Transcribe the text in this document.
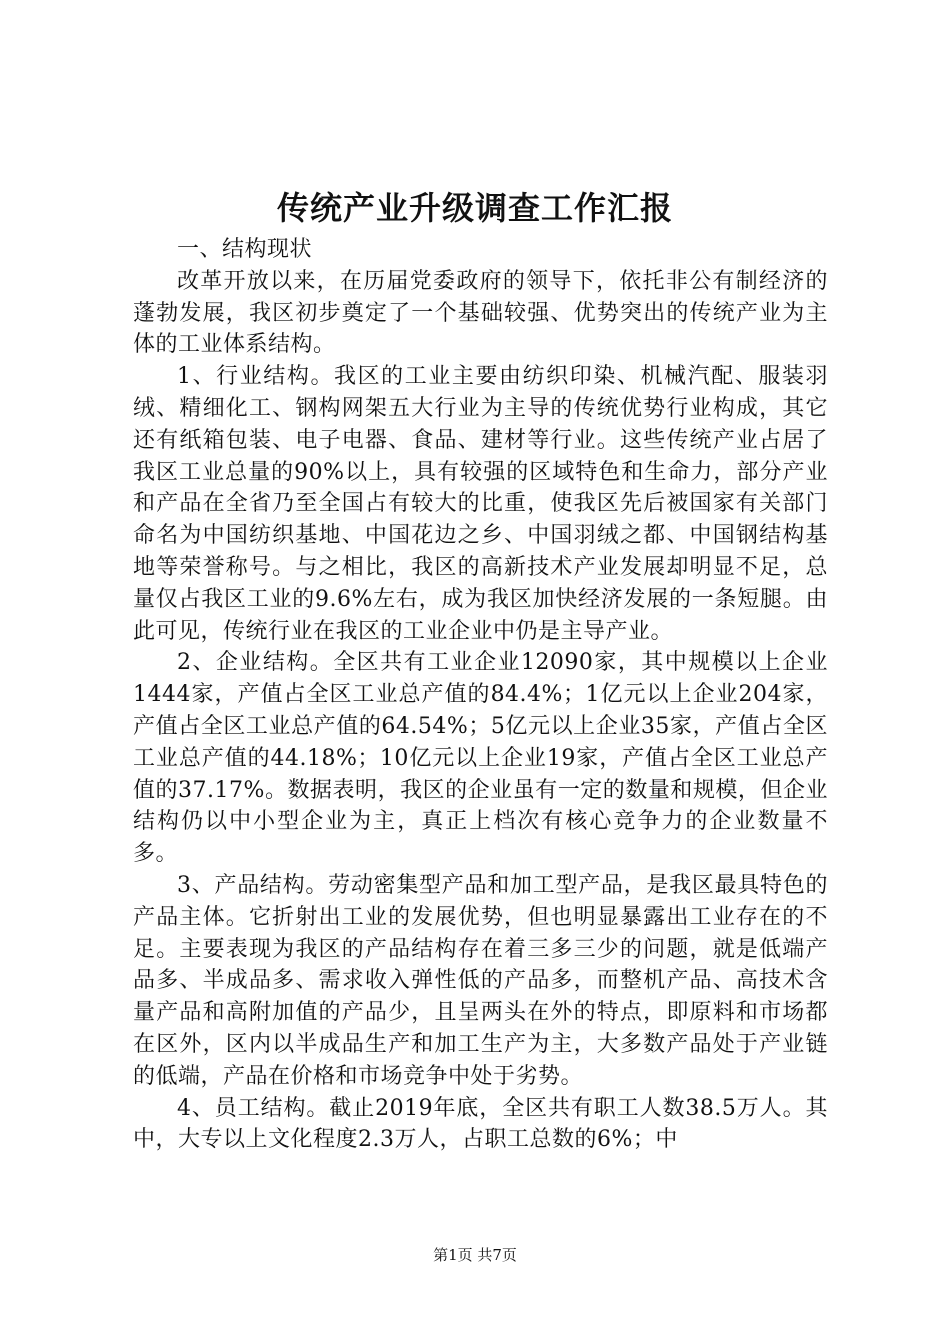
传统产业升级调查工作汇报

一、结构现状

改革开放以来，在历届党委政府的领导下，依托非公有制经济的蓬勃发展，我区初步奠定了一个基础较强、优势突出的传统产业为主体的工业体系结构。

1、行业结构。我区的工业主要由纺织印染、机械汽配、服装羽绒、精细化工、钢构网架五大行业为主导的传统优势行业构成，其它还有纸箱包装、电子电器、食品、建材等行业。这些传统产业占居了我区工业总量的90%以上，具有较强的区域特色和生命力，部分产业和产品在全省乃至全国占有较大的比重，使我区先后被国家有关部门命名为中国纺织基地、中国花边之乡、中国羽绒之都、中国钢结构基地等荣誉称号。与之相比，我区的高新技术产业发展却明显不足，总量仅占我区工业的9.6%左右，成为我区加快经济发展的一条短腿。由此可见，传统行业在我区的工业企业中仍是主导产业。

2、企业结构。全区共有工业企业12090家，其中规模以上企业1444家，产值占全区工业总产值的84.4%；1亿元以上企业204家，产值占全区工业总产值的64.54%；5亿元以上企业35家，产值占全区工业总产值的44.18%；10亿元以上企业19家，产值占全区工业总产值的37.17%。数据表明，我区的企业虽有一定的数量和规模，但企业结构仍以中小型企业为主，真正上档次有核心竞争力的企业数量不多。

3、产品结构。劳动密集型产品和加工型产品，是我区最具特色的产品主体。它折射出工业的发展优势，但也明显暴露出工业存在的不足。主要表现为我区的产品结构存在着三多三少的问题，就是低端产品多、半成品多、需求收入弹性低的产品多，而整机产品、高技术含量产品和高附加值的产品少，且呈两头在外的特点，即原料和市场都在区外，区内以半成品生产和加工生产为主，大多数产品处于产业链的低端，产品在价格和市场竞争中处于劣势。

4、员工结构。截止2019年底，全区共有职工人数38.5万人。其中，大专以上文化程度2.3万人，占职工总数的6%；中

第1页 共7页
